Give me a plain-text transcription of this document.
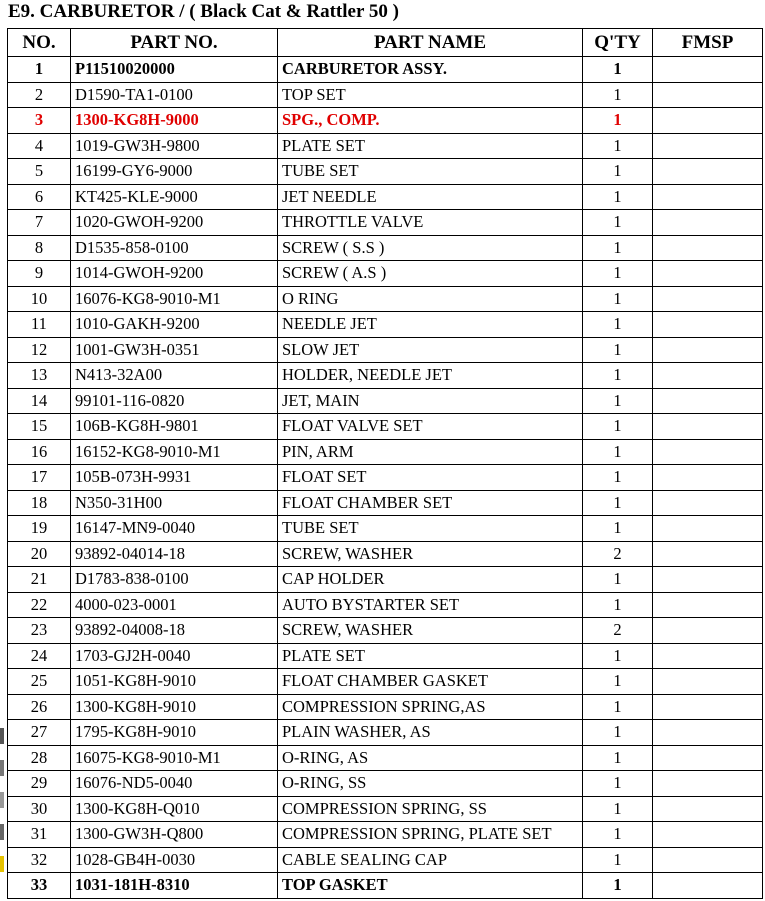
E9. CARBURETOR / ( Black Cat & Rattler 50 )
NO.	PART NO.	PART NAME	Q'TY	FMSP
1	P11510020000	CARBURETOR ASSY.	1	
2	D1590-TA1-0100	TOP SET	1	
3	1300-KG8H-9000	SPG., COMP.	1	
4	1019-GW3H-9800	PLATE SET	1	
5	16199-GY6-9000	TUBE SET	1	
6	KT425-KLE-9000	JET NEEDLE	1	
7	1020-GWOH-9200	THROTTLE VALVE	1	
8	D1535-858-0100	SCREW ( S.S )	1	
9	1014-GWOH-9200	SCREW ( A.S )	1	
10	16076-KG8-9010-M1	O RING	1	
11	1010-GAKH-9200	NEEDLE JET	1	
12	1001-GW3H-0351	SLOW JET	1	
13	N413-32A00	HOLDER, NEEDLE JET	1	
14	99101-116-0820	JET, MAIN	1	
15	106B-KG8H-9801	FLOAT VALVE SET	1	
16	16152-KG8-9010-M1	PIN, ARM	1	
17	105B-073H-9931	FLOAT SET	1	
18	N350-31H00	FLOAT CHAMBER SET	1	
19	16147-MN9-0040	TUBE SET	1	
20	93892-04014-18	SCREW, WASHER	2	
21	D1783-838-0100	CAP HOLDER	1	
22	4000-023-0001	AUTO BYSTARTER SET	1	
23	93892-04008-18	SCREW, WASHER	2	
24	1703-GJ2H-0040	PLATE SET	1	
25	1051-KG8H-9010	FLOAT CHAMBER GASKET	1	
26	1300-KG8H-9010	COMPRESSION SPRING,AS	1	
27	1795-KG8H-9010	PLAIN WASHER, AS	1	
28	16075-KG8-9010-M1	O-RING, AS	1	
29	16076-ND5-0040	O-RING, SS	1	
30	1300-KG8H-Q010	COMPRESSION SPRING, SS	1	
31	1300-GW3H-Q800	COMPRESSION SPRING, PLATE SET	1	
32	1028-GB4H-0030	CABLE SEALING CAP	1	
33	1031-181H-8310	TOP GASKET	1	
